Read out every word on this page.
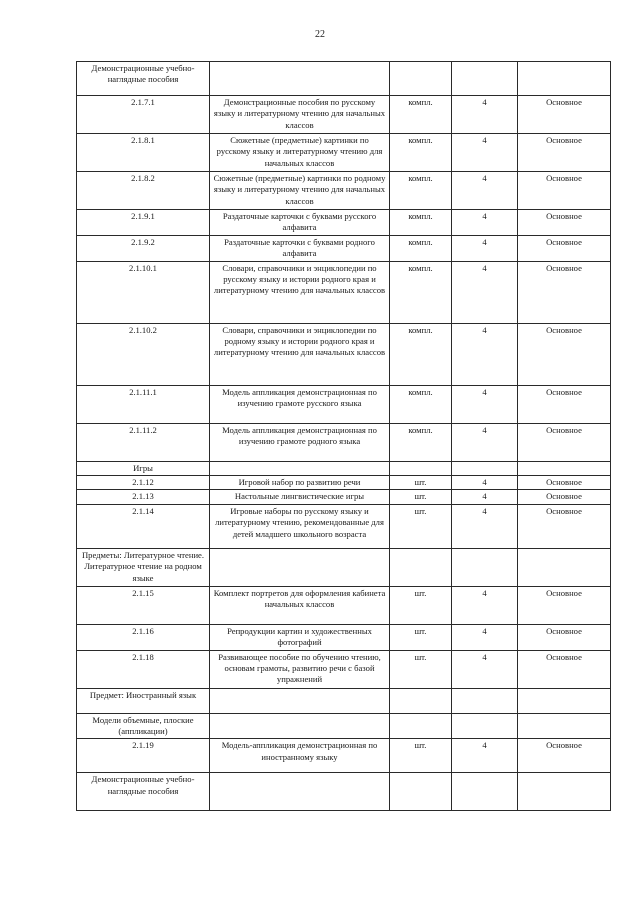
22
Демонстрационные учебно-наглядные пособия				
2.1.7.1	Демонстрационные пособия по русскому языку и литературному чтению для начальных классов	компл.	4	Основное
2.1.8.1	Сюжетные (предметные) картинки по русскому языку и литературному чтению для начальных классов	компл.	4	Основное
2.1.8.2	Сюжетные (предметные) картинки по родному языку и литературному чтению для начальных классов	компл.	4	Основное
2.1.9.1	Раздаточные карточки с буквами русского алфавита	компл.	4	Основное
2.1.9.2	Раздаточные карточки с буквами родного алфавита	компл.	4	Основное
2.1.10.1	Словари, справочники и энциклопедии по русскому языку и истории родного края и литературному чтению для начальных классов	компл.	4	Основное
2.1.10.2	Словари, справочники и энциклопедии по родному языку и истории родного края и литературному чтению для начальных классов	компл.	4	Основное
2.1.11.1	Модель аппликация демонстрационная по изучению грамоте русского языка	компл.	4	Основное
2.1.11.2	Модель аппликация демонстрационная по изучению грамоте родного языка	компл.	4	Основное
Игры				
2.1.12	Игровой набор по развитию речи	шт.	4	Основное
2.1.13	Настольные лингвистические игры	шт.	4	Основное
2.1.14	Игровые наборы по русскому языку и литературному чтению, рекомендованные для детей младшего школьного возраста	шт.	4	Основное
Предметы: Литературное чтение. Литературное чтение на родном языке				
2.1.15	Комплект портретов для оформления кабинета начальных классов	шт.	4	Основное
2.1.16	Репродукции картин и художественных фотографий	шт.	4	Основное
2.1.18	Развивающее пособие по обучению чтению, основам грамоты, развитию речи с базой упражнений	шт.	4	Основное
Предмет: Иностранный язык				
Модели объемные, плоские (аппликации)				
2.1.19	Модель-аппликация демонстрационная по иностранному языку	шт.	4	Основное
Демонстрационные учебно-наглядные пособия				
